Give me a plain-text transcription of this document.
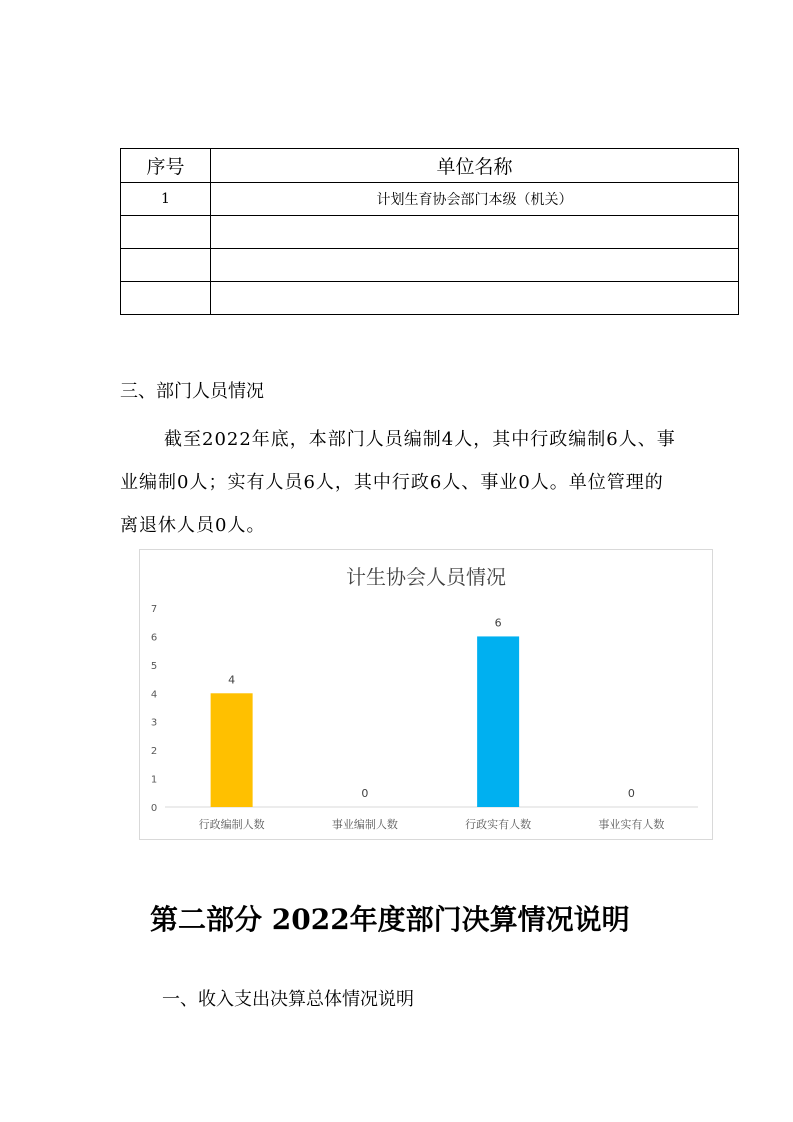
序号	单位名称
1	计划生育协会部门本级（机关）

三、部门人员情况
截至2022年底，本部门人员编制4人，其中行政编制6人、事业编制0人；实有人员6人，其中行政6人、事业0人。单位管理的离退休人员0人。
计生协会人员情况
0
1
2
3
4
5
6
7
4
行政编制人数
0
事业编制人数
6
行政实有人数
0
事业实有人数
第二部分 2022年度部门决算情况说明
一、收入支出决算总体情况说明
